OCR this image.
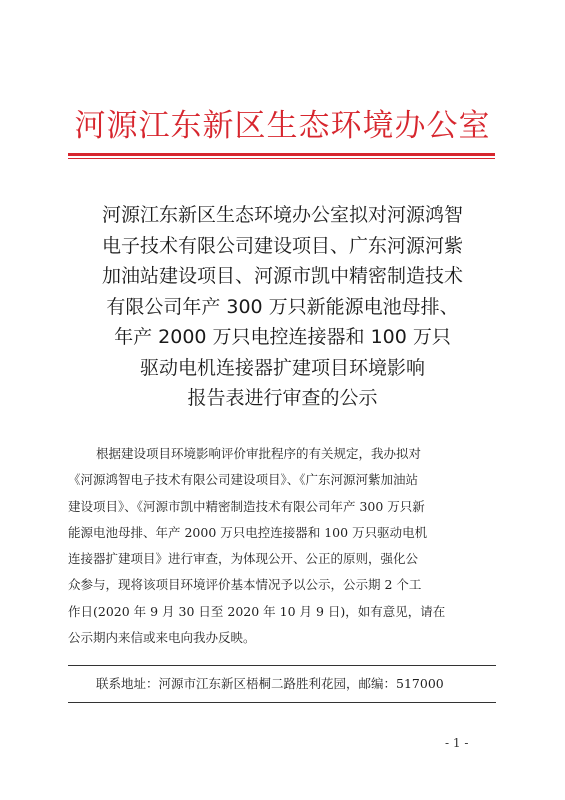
河源江东新区生态环境办公室
河源江东新区生态环境办公室拟对河源鸿智
电子技术有限公司建设项目、广东河源河紫
加油站建设项目、河源市凯中精密制造技术
有限公司年产 300 万只新能源电池母排、
年产 2000 万只电控连接器和 100 万只
驱动电机连接器扩建项目环境影响
报告表进行审查的公示
根据建设项目环境影响评价审批程序的有关规定，我办拟对
《河源鸿智电子技术有限公司建设项目》、《广东河源河紫加油站
建设项目》、《河源市凯中精密制造技术有限公司年产 300 万只新
能源电池母排、年产 2000 万只电控连接器和 100 万只驱动电机
连接器扩建项目》进行审查，为体现公开、公正的原则，强化公
众参与，现将该项目环境评价基本情况予以公示，公示期 2 个工
作日(2020 年 9 月 30 日至 2020 年 10 月 9 日)，如有意见，请在
公示期内来信或来电向我办反映。
联系地址：河源市江东新区梧桐二路胜利花园，邮编：517000
- 1 -
